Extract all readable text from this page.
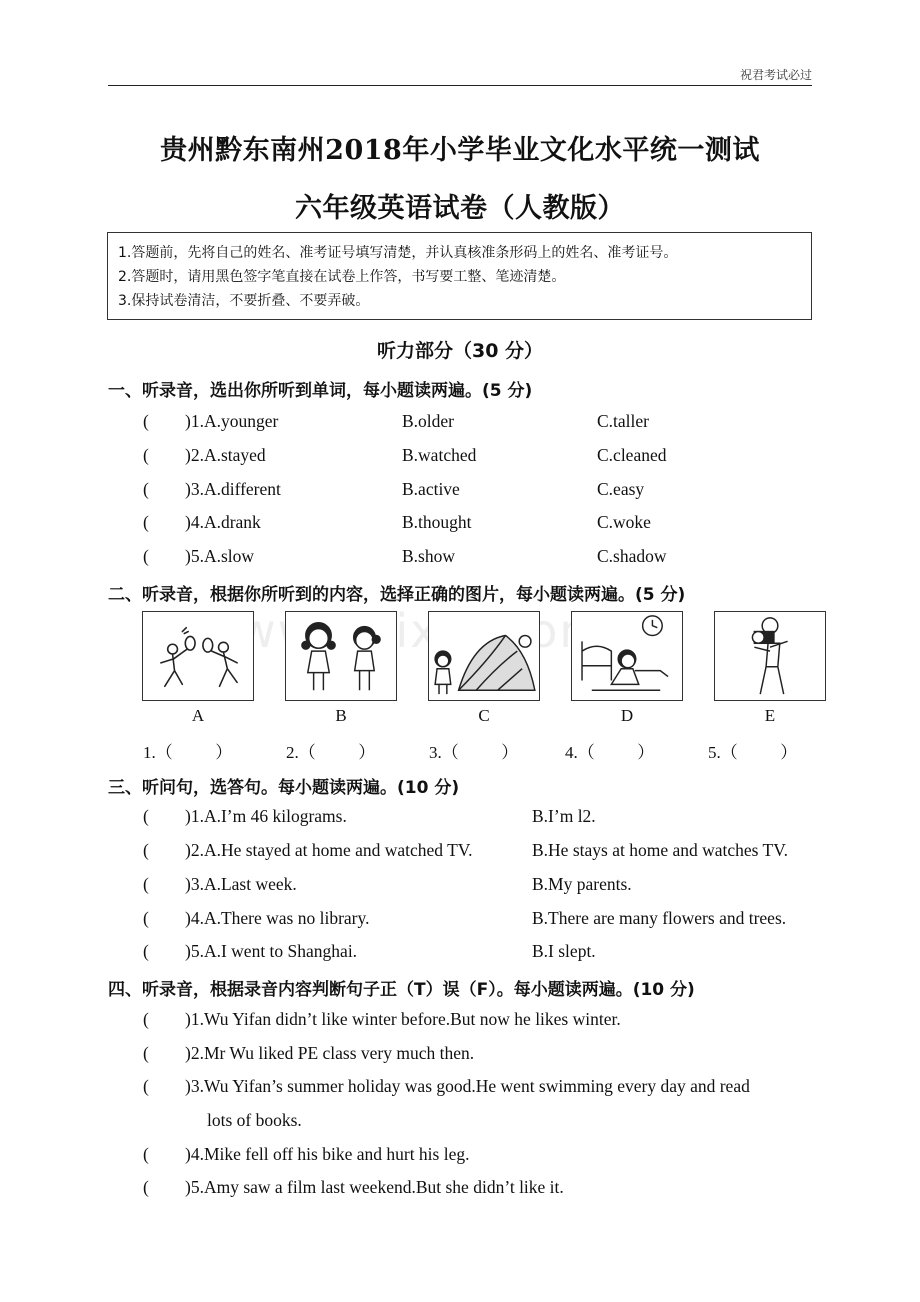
祝君考试必过
贵州黔东南州2018年小学毕业文化水平统一测试
六年级英语试卷（人教版）
1.答题前，先将自己的姓名、准考证号填写清楚，并认真核准条形码上的姓名、准考证号。
2.答题时，请用黑色签字笔直接在试卷上作答，书写要工整、笔迹清楚。
3.保持试卷清洁，不要折叠、不要弄破。
听力部分（30 分）
一、听录音，选出你所听到单词，每小题读两遍。(5 分)
( )1.A.younger	B.older	C.taller
( )2.A.stayed	B.watched	C.cleaned
( )3.A.different	B.active	C.easy
( )4.A.drank	B.thought	C.woke
( )5.A.slow	B.show	C.shadow
二、听录音，根据你所听到的内容，选择正确的图片，每小题读两遍。(5 分)
A	B	C	D	E
1.（          ）	2.（          ）	3.（          ）	4.（          ）	5.（          ）
三、听问句，选答句。每小题读两遍。(10 分)
( )1.A.I’m 46 kilograms.	B.I’m l2.
( )2.A.He stayed at home and watched TV.	B.He stays at home and watches TV.
( )3.A.Last week.	B.My parents.
( )4.A.There was no library.	B.There are many flowers and trees.
( )5.A.I went to Shanghai.	B.I slept.
四、听录音，根据录音内容判断句子正（T）误（F）。每小题读两遍。(10 分)
( )1.Wu Yifan didn’t like winter before.But now he likes winter.
( )2.Mr Wu liked PE class very much then.
( )3.Wu Yifan’s summer holiday was good.He went swimming every day and read
lots of books.
( )4.Mike fell off his bike and hurt his leg.
( )5.Amy saw a film last weekend.But she didn’t like it.
